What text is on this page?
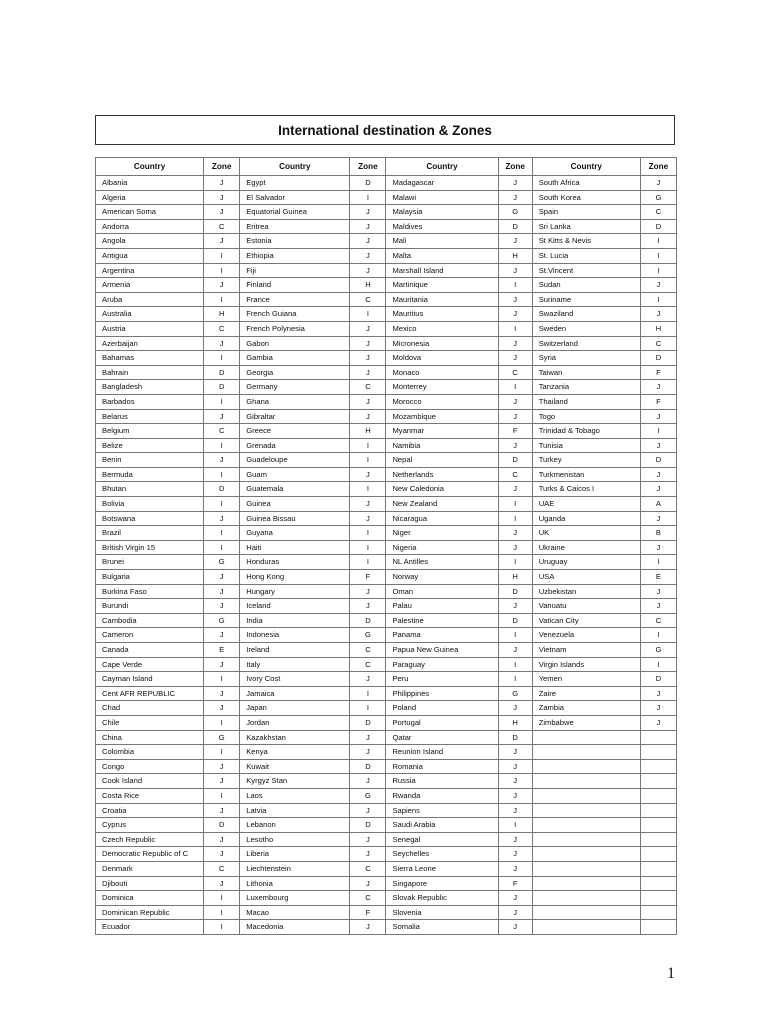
International destination & Zones
Country	Zone	Country	Zone	Country	Zone	Country	Zone
Albania	J	Egypt	D	Madagascar	J	South Africa	J
Algeria	J	El Salvador	I	Malawi	J	South Korea	G
American Soma	J	Equatorial Guinea	J	Malaysia	G	Spain	C
Andorra	C	Eritrea	J	Maldives	D	Sri Lanka	D
Angola	J	Estonia	J	Mali	J	St Kitts & Nevis	I
Antigua	I	Ethiopia	J	Malta	H	St. Lucia	I
Argentina	I	Fiji	J	Marshall Island	J	St.Vincent	I
Armenia	J	Finland	H	Martinique	I	Sudan	J
Aruba	I	France	C	Mauritania	J	Suriname	I
Australia	H	French Guiana	I	Mauritius	J	Swaziland	J
Austria	C	French Polynesia	J	Mexico	I	Sweden	H
Azerbaijan	J	Gabon	J	Micronesia	J	Switzerland	C
Bahamas	I	Gambia	J	Moldova	J	Syria	D
Bahrain	D	Georgia	J	Monaco	C	Taiwan	F
Bangladesh	D	Germany	C	Monterrey	I	Tanzania	J
Barbados	I	Ghana	J	Morocco	J	Thailand	F
Belarus	J	Gibraltar	J	Mozambique	J	Togo	J
Belgium	C	Greece	H	Myanmar	F	Trinidad & Tobago	I
Belize	I	Grenada	I	Namibia	J	Tunisia	J
Benin	J	Guadeloupe	I	Nepal	D	Turkey	D
Bermuda	I	Guam	J	Netherlands	C	Turkmenistan	J
Bhutan	D	Guatemala	I	New Caledonia	J	Turks & Caicos I	J
Bolivia	I	Guinea	J	New Zealand	I	UAE	A
Botswana	J	Guinea Bissau	J	Nicaragua	I	Uganda	J
Brazil	I	Guyana	I	Niger	J	UK	B
British Virgin 15	I	Haiti	I	Nigeria	J	Ukraine	J
Brunei	G	Honduras	I	NL Antilles	I	Uruguay	I
Bulgaria	J	Hong Kong	F	Norway	H	USA	E
Burkina Faso	J	Hungary	J	Oman	D	Uzbekistan	J
Burundi	J	Iceland	J	Palau	J	Vanuatu	J
Cambodia	G	India	D	Palestine	D	Vatican City	C
Cameron	J	Indonesia	G	Panama	I	Venezuela	I
Canada	E	Ireland	C	Papua New Guinea	J	Vietnam	G
Cape Verde	J	Italy	C	Paraguay	I	Virgin Islands	I
Cayman Island	I	Ivory Cost	J	Peru	I	Yemen	D
Cent AFR REPUBLIC	J	Jamaica	I	Philippines	G	Zaire	J
Chad	J	Japan	I	Poland	J	Zambia	J
Chile	I	Jordan	D	Portugal	H	Zimbabwe	J
China	G	Kazakhstan	J	Qatar	D		
Colombia	I	Kenya	J	Reunion Island	J		
Congo	J	Kuwait	D	Romania	J		
Cook Island	J	Kyrgyz Stan	J	Russia	J		
Costa Rice	I	Laos	G	Rwanda	J		
Croatia	J	Latvia	J	Sapiens	J		
Cyprus	D	Lebanon	D	Saudi Arabia	I		
Czech Republic	J	Lesotho	J	Senegal	J		
Democratic Republic of C	J	Liberia	J	Seychelles	J		
Denmark	C	Liechtenstein	C	Sierra Leone	J		
Djibouti	J	Lithonia	J	Singapore	F		
Dominica	I	Luxembourg	C	Slovak Republic	J		
Dominican Republic	I	Macao	F	Slovenia	J		
Ecuador	I	Macedonia	J	Somalia	J		
1
